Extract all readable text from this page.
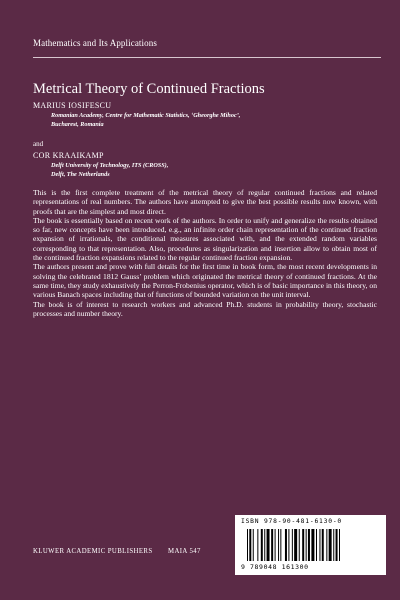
Mathematics and Its Applications
Metrical Theory of Continued Fractions
MARIUS IOSIFESCU
Romanian Academy, Centre for Mathematic Statistics, ‘Gheorghe Mihoc’,
Bucharest, Romania
and
COR KRAAIKAMP
Delft University of Technology, ITS (CROSS),
Delft, The Netherlands

This is the first complete treatment of the metrical theory of regular continued fractions and related representations of real numbers. The authors have attempted to give the best possible results now known, with proofs that are the simplest and most direct.

The book is essentially based on recent work of the authors. In order to unify and generalize the results obtained so far, new concepts have been introduced, e.g., an infinite order chain representation of the continued fraction expansion of irrationals, the conditional measures associated with, and the extended random variables corresponding to that representation. Also, procedures as singularization and insertion allow to obtain most of the continued fraction expansions related to the regular continued fraction expansion.

The authors present and prove with full details for the first time in book form, the most recent developments in solving the celebrated 1812 Gauss’ problem which originated the metrical theory of continued fractions. At the same time, they study exhaustively the Perron-Frobenius operator, which is of basic importance in this theory, on various Banach spaces including that of functions of bounded variation on the unit interval.

The book is of interest to research workers and advanced Ph.D. students in probability theory, stochastic processes and number theory.

ISBN 978-90-481-6130-0
9 789048 161300
KLUWER ACADEMIC PUBLISHERS MAIA 547
